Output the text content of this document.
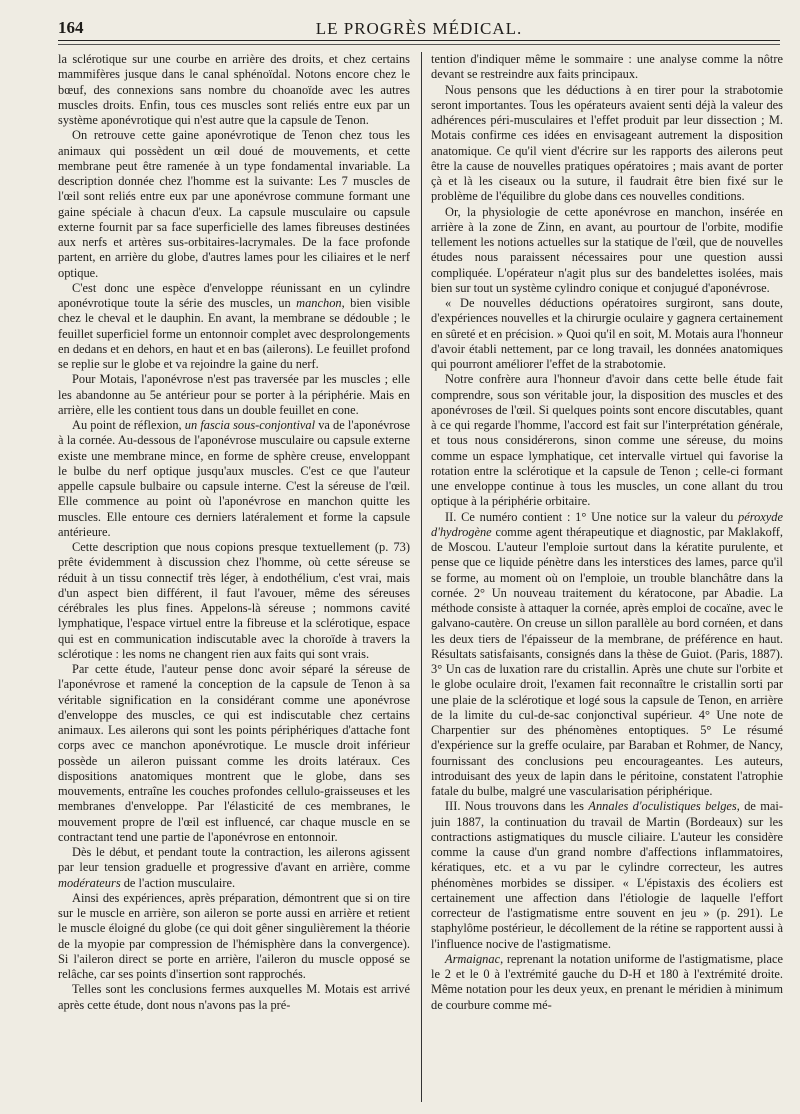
164	LE PROGRÈS MÉDICAL.

la sclérotique sur une courbe en arrière des droits, et chez certains mammifères jusque dans le canal sphénoïdal. Notons encore chez le bœuf, des connexions sans nombre du choanoïde avec les autres muscles droits. Enfin, tous ces muscles sont reliés entre eux par un système aponévrotique qui n'est autre que la capsule de Tenon.

On retrouve cette gaine aponévrotique de Tenon chez tous les animaux qui possèdent un œil doué de mouvements, et cette membrane peut être ramenée à un type fondamental invariable. La description donnée chez l'homme est la suivante: Les 7 muscles de l'œil sont reliés entre eux par une aponévrose commune formant une gaine spéciale à chacun d'eux. La capsule musculaire ou capsule externe fournit par sa face superficielle des lames fibreuses destinées aux nerfs et artères sus-orbitaires-lacrymales. De la face profonde partent, en arrière du globe, d'autres lames pour les ciliaires et le nerf optique.

C'est donc une espèce d'enveloppe réunissant en un cylindre aponévrotique toute la série des muscles, un manchon, bien visible chez le cheval et le dauphin. En avant, la membrane se dédouble ; le feuillet superficiel forme un entonnoir complet avec desprolongements en dedans et en dehors, en haut et en bas (ailerons). Le feuillet profond se replie sur le globe et va rejoindre la gaine du nerf.

Pour Motais, l'aponévrose n'est pas traversée par les muscles ; elle les abandonne au 5e antérieur pour se porter à la périphérie. Mais en arrière, elle les contient tous dans un double feuillet en cone.

Au point de réflexion, un fascia sous-conjontival va de l'aponévrose à la cornée. Au-dessous de l'aponévrose musculaire ou capsule externe existe une membrane mince, en forme de sphère creuse, enveloppant le bulbe du nerf optique jusqu'aux muscles. C'est ce que l'auteur appelle capsule bulbaire ou capsule interne. C'est la séreuse de l'œil. Elle commence au point où l'aponévrose en manchon quitte les muscles. Elle entoure ces derniers latéralement et forme la capsule antérieure.

Cette description que nous copions presque textuellement (p. 73) prête évidemment à discussion chez l'homme, où cette séreuse se réduit à un tissu connectif très léger, à endothélium, c'est vrai, mais d'un aspect bien différent, il faut l'avouer, même des séreuses cérébrales les plus fines. Appelons-là séreuse ; nommons cavité lymphatique, l'espace virtuel entre la fibreuse et la sclérotique, espace qui est en communication indiscutable avec la choroïde à travers la sclérotique : les noms ne changent rien aux faits qui sont vrais.

Par cette étude, l'auteur pense donc avoir séparé la séreuse de l'aponévrose et ramené la conception de la capsule de Tenon à sa véritable signification en la considérant comme une aponévrose d'enveloppe des muscles, ce qui est indiscutable chez certains animaux. Les ailerons qui sont les points périphériques d'attache font corps avec ce manchon aponévrotique. Le muscle droit inférieur possède un aileron puissant comme les droits latéraux. Ces dispositions anatomiques montrent que le globe, dans ses mouvements, entraîne les couches profondes cellulo-graisseuses et les membranes d'enveloppe. Par l'élasticité de ces membranes, le mouvement propre de l'œil est influencé, car chaque muscle en se contractant tend une partie de l'aponévrose en entonnoir.

Dès le début, et pendant toute la contraction, les ailerons agissent par leur tension graduelle et progressive d'avant en arrière, comme modérateurs de l'action musculaire.

Ainsi des expériences, après préparation, démontrent que si on tire sur le muscle en arrière, son aileron se porte aussi en arrière et retient le muscle éloigné du globe (ce qui doit gêner singulièrement la théorie de la myopie par compression de l'hémisphère dans la convergence). Si l'aileron direct se porte en arrière, l'aileron du muscle opposé se relâche, car ses points d'insertion sont rapprochés.

Telles sont les conclusions fermes auxquelles M. Motais est arrivé après cette étude, dont nous n'avons pas la pré-

tention d'indiquer même le sommaire : une analyse comme la nôtre devant se restreindre aux faits principaux.

Nous pensons que les déductions à en tirer pour la strabotomie seront importantes. Tous les opérateurs avaient senti déjà la valeur des adhérences péri-musculaires et l'effet produit par leur dissection ; M. Motais confirme ces idées en envisageant autrement la disposition anatomique. Ce qu'il vient d'écrire sur les rapports des ailerons peut être la cause de nouvelles pratiques opératoires ; mais avant de porter çà et là les ciseaux ou la suture, il faudrait être bien fixé sur le problème de l'équilibre du globe dans ces nouvelles conditions.

Or, la physiologie de cette aponévrose en manchon, insérée en arrière à la zone de Zinn, en avant, au pourtour de l'orbite, modifie tellement les notions actuelles sur la statique de l'œil, que de nouvelles études nous paraissent nécessaires pour une question aussi compliquée. L'opérateur n'agit plus sur des bandelettes isolées, mais bien sur tout un système cylindro conique et conjugué d'aponévrose.

« De nouvelles déductions opératoires surgiront, sans doute, d'expériences nouvelles et la chirurgie oculaire y gagnera certainement en sûreté et en précision. » Quoi qu'il en soit, M. Motais aura l'honneur d'avoir établi nettement, par ce long travail, les données anatomiques qui pourront améliorer l'effet de la strabotomie.

Notre confrère aura l'honneur d'avoir dans cette belle étude fait comprendre, sous son véritable jour, la disposition des muscles et des aponévroses de l'œil. Si quelques points sont encore discutables, quant à ce qui regarde l'homme, l'accord est fait sur l'interprétation générale, et tous nous considérerons, sinon comme une séreuse, du moins comme un espace lymphatique, cet intervalle virtuel qui favorise la rotation entre la sclérotique et la capsule de Tenon ; celle-ci formant une enveloppe continue à tous les muscles, un cone allant du trou optique à la périphérie orbitaire.

II. Ce numéro contient : 1° Une notice sur la valeur du péroxyde d'hydrogène comme agent thérapeutique et diagnostic, par Maklakoff, de Moscou. L'auteur l'emploie surtout dans la kératite purulente, et pense que ce liquide pénètre dans les interstices des lames, parce qu'il se forme, au moment où on l'emploie, un trouble blanchâtre dans la cornée. 2° Un nouveau traitement du kératocone, par Abadie. La méthode consiste à attaquer la cornée, après emploi de cocaïne, avec le galvano-cautère. On creuse un sillon parallèle au bord cornéen, et dans les deux tiers de l'épaisseur de la membrane, de préférence en haut. Résultats satisfaisants, consignés dans la thèse de Guiot. (Paris, 1887). 3° Un cas de luxation rare du cristallin. Après une chute sur l'orbite et le globe oculaire droit, l'examen fait reconnaître le cristallin sorti par une plaie de la sclérotique et logé sous la capsule de Tenon, en arrière de la limite du cul-de-sac conjonctival supérieur. 4° Une note de Charpentier sur des phénomènes entoptiques. 5° Le résumé d'expérience sur la greffe oculaire, par Baraban et Rohmer, de Nancy, fournissant des conclusions peu encourageantes. Les auteurs, introduisant des yeux de lapin dans le péritoine, constatent l'atrophie fatale du bulbe, malgré une vascularisation périphérique.

III. Nous trouvons dans les Annales d'oculistiques belges, de mai-juin 1887, la continuation du travail de Martin (Bordeaux) sur les contractions astigmatiques du muscle ciliaire. L'auteur les considère comme la cause d'un grand nombre d'affections inflammatoires, kératiques, etc. et a vu par le cylindre correcteur, les autres phénomènes morbides se dissiper. « L'épistaxis des écoliers est certainement une affection dans l'étiologie de laquelle l'effort correcteur de l'astigmatisme entre souvent en jeu » (p. 291). Le staphylôme postérieur, le décollement de la rétine se rapportent aussi à l'influence nocive de l'astigmatisme.

Armaignac, reprenant la notation uniforme de l'astigmatisme, place le 2 et le 0 à l'extrémité gauche du D-H et 180 à l'extrémité droite. Même notation pour les deux yeux, en prenant le méridien à minimum de courbure comme mé-
